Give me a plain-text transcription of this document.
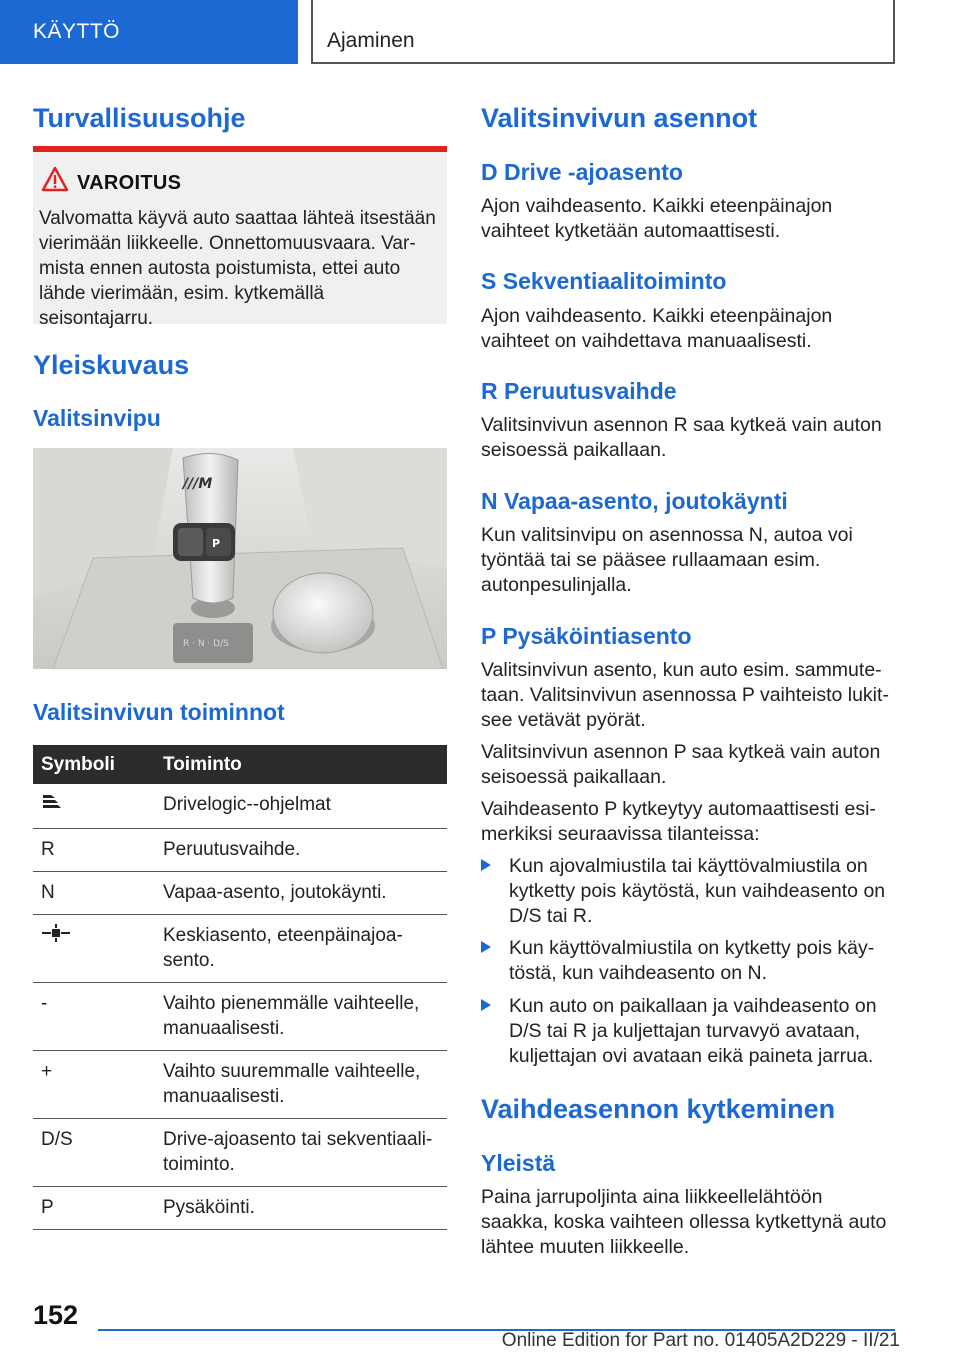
KÄYTTÖ	Ajaminen
Turvallisuusohje
VAROITUS
Valvomatta käyvä auto saattaa lähteä itsestään vierimään liikkeelle. Onnettomuusvaara. Varmista ennen autosta poistumista, ettei auto lähde vierimään, esim. kytkemällä seisontajarru.
Yleiskuvaus
Valitsinvipu
R · N · D/S
P
///M
Valitsinvivun toiminnot
Symboli	Toiminto
	Drivelogic--ohjelmat
R	Peruutusvaihde.
N	Vapaa-asento, joutokäynti.
	Keskiasento, eteenpäinajoasento.
-	Vaihto pienemmälle vaihteelle, manuaalisesti.
+	Vaihto suuremmalle vaihteelle, manuaalisesti.
D/S	Drive-ajoasento tai sekventiaalitoiminto.
P	Pysäköinti.
Valitsinvivun asennot
D Drive -ajoasento

Ajon vaihdeasento. Kaikki eteenpäinajon vaihteet kytketään automaattisesti.

S Sekventiaalitoiminto

Ajon vaihdeasento. Kaikki eteenpäinajon vaihteet on vaihdettava manuaalisesti.

R Peruutusvaihde

Valitsinvivun asennon R saa kytkeä vain auton seisoessä paikallaan.

N Vapaa-asento, joutokäynti

Kun valitsinvipu on asennossa N, autoa voi työntää tai se pääsee rullaamaan esim. autonpesulinjalla.

P Pysäköintiasento

Valitsinvivun asento, kun auto esim. sammutetaan. Valitsinvivun asennossa P vaihteisto lukitsee vetävät pyörät.

Valitsinvivun asennon P saa kytkeä vain auton seisoessä paikallaan.

Vaihdeasento P kytkeytyy automaattisesti esimerkiksi seuraavissa tilanteissa:

Kun ajovalmiustila tai käyttövalmiustila on kytketty pois käytöstä, kun vaihdeasento on D/S tai R.
Kun käyttövalmiustila on kytketty pois käytöstä, kun vaihdeasento on N.
Kun auto on paikallaan ja vaihdeasento on D/S tai R ja kuljettajan turvavyö avataan, kuljettajan ovi avataan eikä paineta jarrua.
Vaihdeasennon kytkeminen
Yleistä

Paina jarrupoljinta aina liikkeellelähtöön saakka, koska vaihteen ollessa kytkettynä auto lähtee muuten liikkeelle.

152
Online Edition for Part no. 01405A2D229 - II/21
